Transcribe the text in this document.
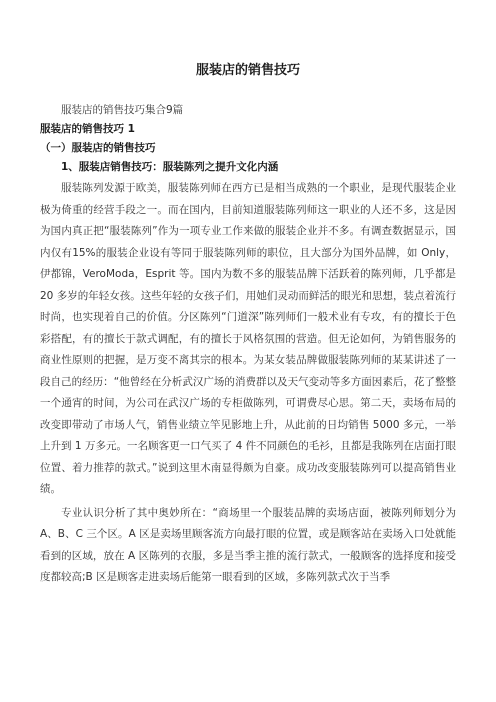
服装店的销售技巧

服装店的销售技巧集合9篇

服装店的销售技巧 1

（一）服装店的销售技巧

1、服装店销售技巧：服装陈列之提升文化内涵

服装陈列发源于欧美，服装陈列师在西方已是相当成熟的一个职业，是现代服装企业极为倚重的经营手段之一。而在国内，目前知道服装陈列师这一职业的人还不多，这是因为国内真正把“服装陈列”作为一项专业工作来做的服装企业并不多。有调查数据显示，国内仅有15%的服装企业设有等同于服装陈列师的职位，且大部分为国外品牌，如 Only，伊都锦，VeroModa，Esprit 等。国内为数不多的服装品牌下活跃着的陈列师，几乎都是 20 多岁的年轻女孩。这些年轻的女孩子们，用她们灵动而鲜活的眼光和思想，装点着流行时尚，也实现着自己的价值。分区陈列“门道深”陈列师们一般术业有专攻，有的擅长于色彩搭配，有的擅长于款式调配，有的擅长于风格氛围的营造。但无论如何，为销售服务的商业性原则的把握，是万变不离其宗的根本。为某女装品牌做服装陈列师的某某讲述了一段自己的经历：“他曾经在分析武汉广场的消费群以及天气变动等多方面因素后，花了整整一个通宵的时间，为公司在武汉广场的专柜做陈列，可谓费尽心思。第二天，卖场布局的改变即带动了市场人气，销售业绩立竿见影地上升，从此前的日均销售 5000 多元，一举上升到 1 万多元。一名顾客更一口气买了 4 件不同颜色的毛衫，且都是我陈列在店面打眼位置、着力推荐的款式。”说到这里木南显得颇为自豪。成功改变服装陈列可以提高销售业绩。

专业认识分析了其中奥妙所在：“商场里一个服装品牌的卖场店面，被陈列师划分为 A、B、C 三个区。A 区是卖场里顾客流方向最打眼的位置，或是顾客站在卖场入口处就能看到的区域，放在 A 区陈列的衣服，多是当季主推的流行款式，一般顾客的选择度和接受度都较高;B 区是顾客走进卖场后能第一眼看到的区域，多陈列款式次于当季
